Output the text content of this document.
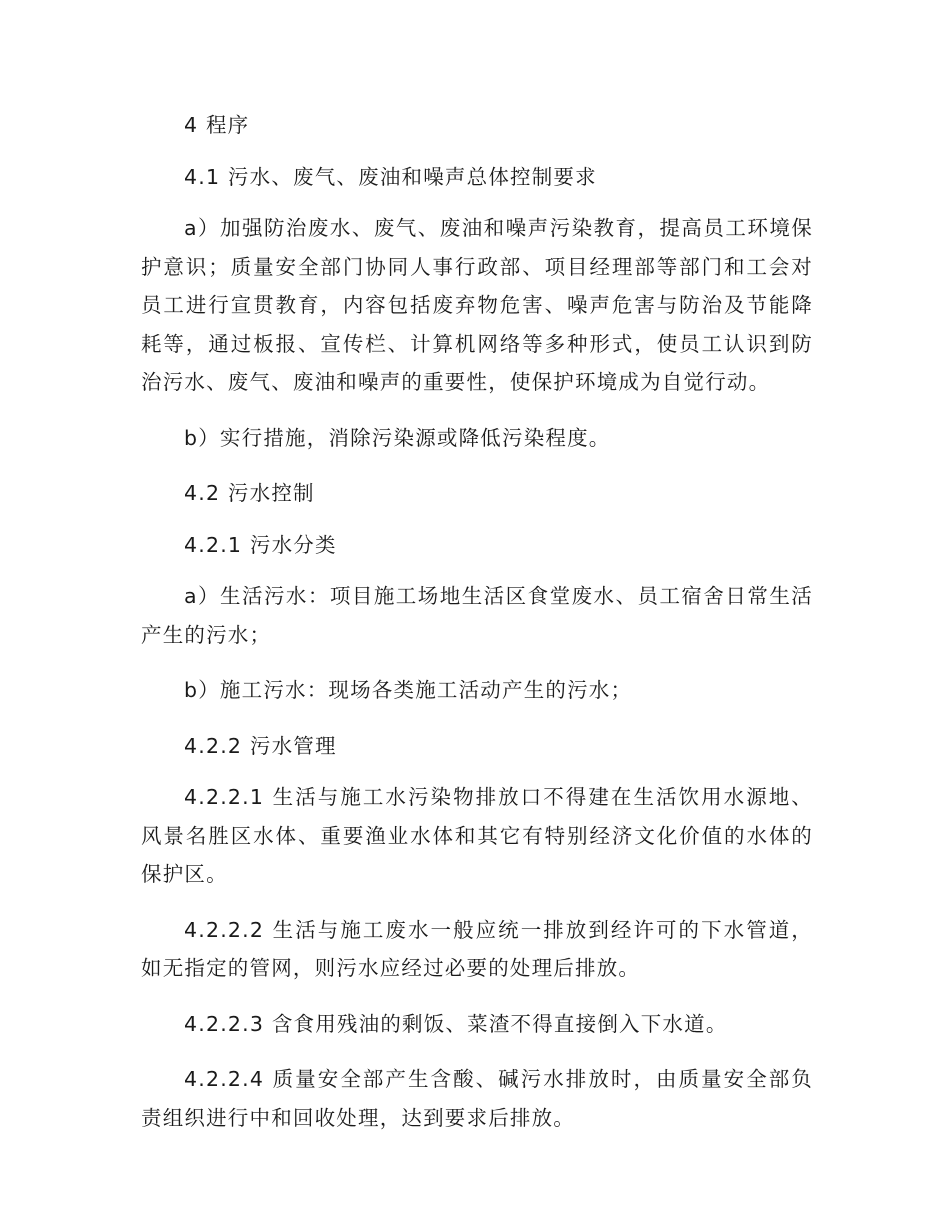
4 程序

4.1 污水、废气、废油和噪声总体控制要求

a）加强防治废水、废气、废油和噪声污染教育，提高员工环境保护意识；质量安全部门协同人事行政部、项目经理部等部门和工会对员工进行宣贯教育，内容包括废弃物危害、噪声危害与防治及节能降耗等，通过板报、宣传栏、计算机网络等多种形式，使员工认识到防治污水、废气、废油和噪声的重要性，使保护环境成为自觉行动。

b）实行措施，消除污染源或降低污染程度。

4.2 污水控制

4.2.1 污水分类

a）生活污水：项目施工场地生活区食堂废水、员工宿舍日常生活产生的污水；

b）施工污水：现场各类施工活动产生的污水；

4.2.2 污水管理

4.2.2.1 生活与施工水污染物排放口不得建在生活饮用水源地、风景名胜区水体、重要渔业水体和其它有特别经济文化价值的水体的保护区。

4.2.2.2 生活与施工废水一般应统一排放到经许可的下水管道，如无指定的管网，则污水应经过必要的处理后排放。

4.2.2.3 含食用残油的剩饭、菜渣不得直接倒入下水道。

4.2.2.4 质量安全部产生含酸、碱污水排放时，由质量安全部负责组织进行中和回收处理，达到要求后排放。
